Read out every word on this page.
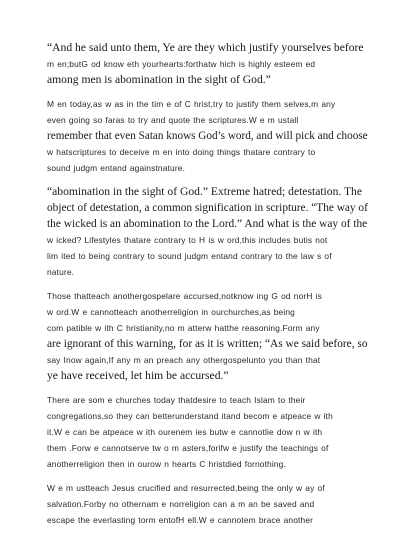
“And he said unto them, Ye are they which justify yourselves before
m en;butG od know eth yourhearts:forthatw hich is highly esteem ed
among men is abomination in the sight of God.”

M en today,as w as in the tim e of C hrist,try to justify them selves,m any
even going so faras to try and quote the scriptures.W e m ustall
remember that even Satan knows God’s word, and will pick and choose
w hatscriptures to deceive m en into doing things thatare contrary to
sound judgm entand againstnature.

“abomination in the sight of God.” Extreme hatred; detestation. The
object of detestation, a common signification in scripture. “The way of
the wicked is an abomination to the Lord.” And what is the way of the
w icked? Lifestyles thatare contrary to H is w ord,this includes butis not
lim ited to being contrary to sound judgm entand contrary to the law s of
nature.

Those thatteach anothergospelare accursed,notknow ing G od norH is
w ord.W e cannotteach anotherreligion in ourchurches,as being
com patible w ith C hristianity,no m atterw hatthe reasoning.Form any
are ignorant of this warning, for as it is written; “As we said before, so
say Inow again,If any m an preach any othergospelunto you than that
ye have received, let him be accursed.”

There are som e churches today thatdesire to teach Islam to their
congregations,so they can betterunderstand itand becom e atpeace w ith
it.W e can be atpeace w ith ourenem ies butw e cannotlie dow n w ith
them .Forw e cannotserve tw o m asters,forifw e justify the teachings of
anotherreligion then in ourow n hearts C hristdied fornothing.

W e m ustteach Jesus crucified and resurrected,being the only w ay of
salvation.Forby no othernam e norreligion can a m an be saved and
escape the everlasting torm entofH ell.W e cannotem brace another
